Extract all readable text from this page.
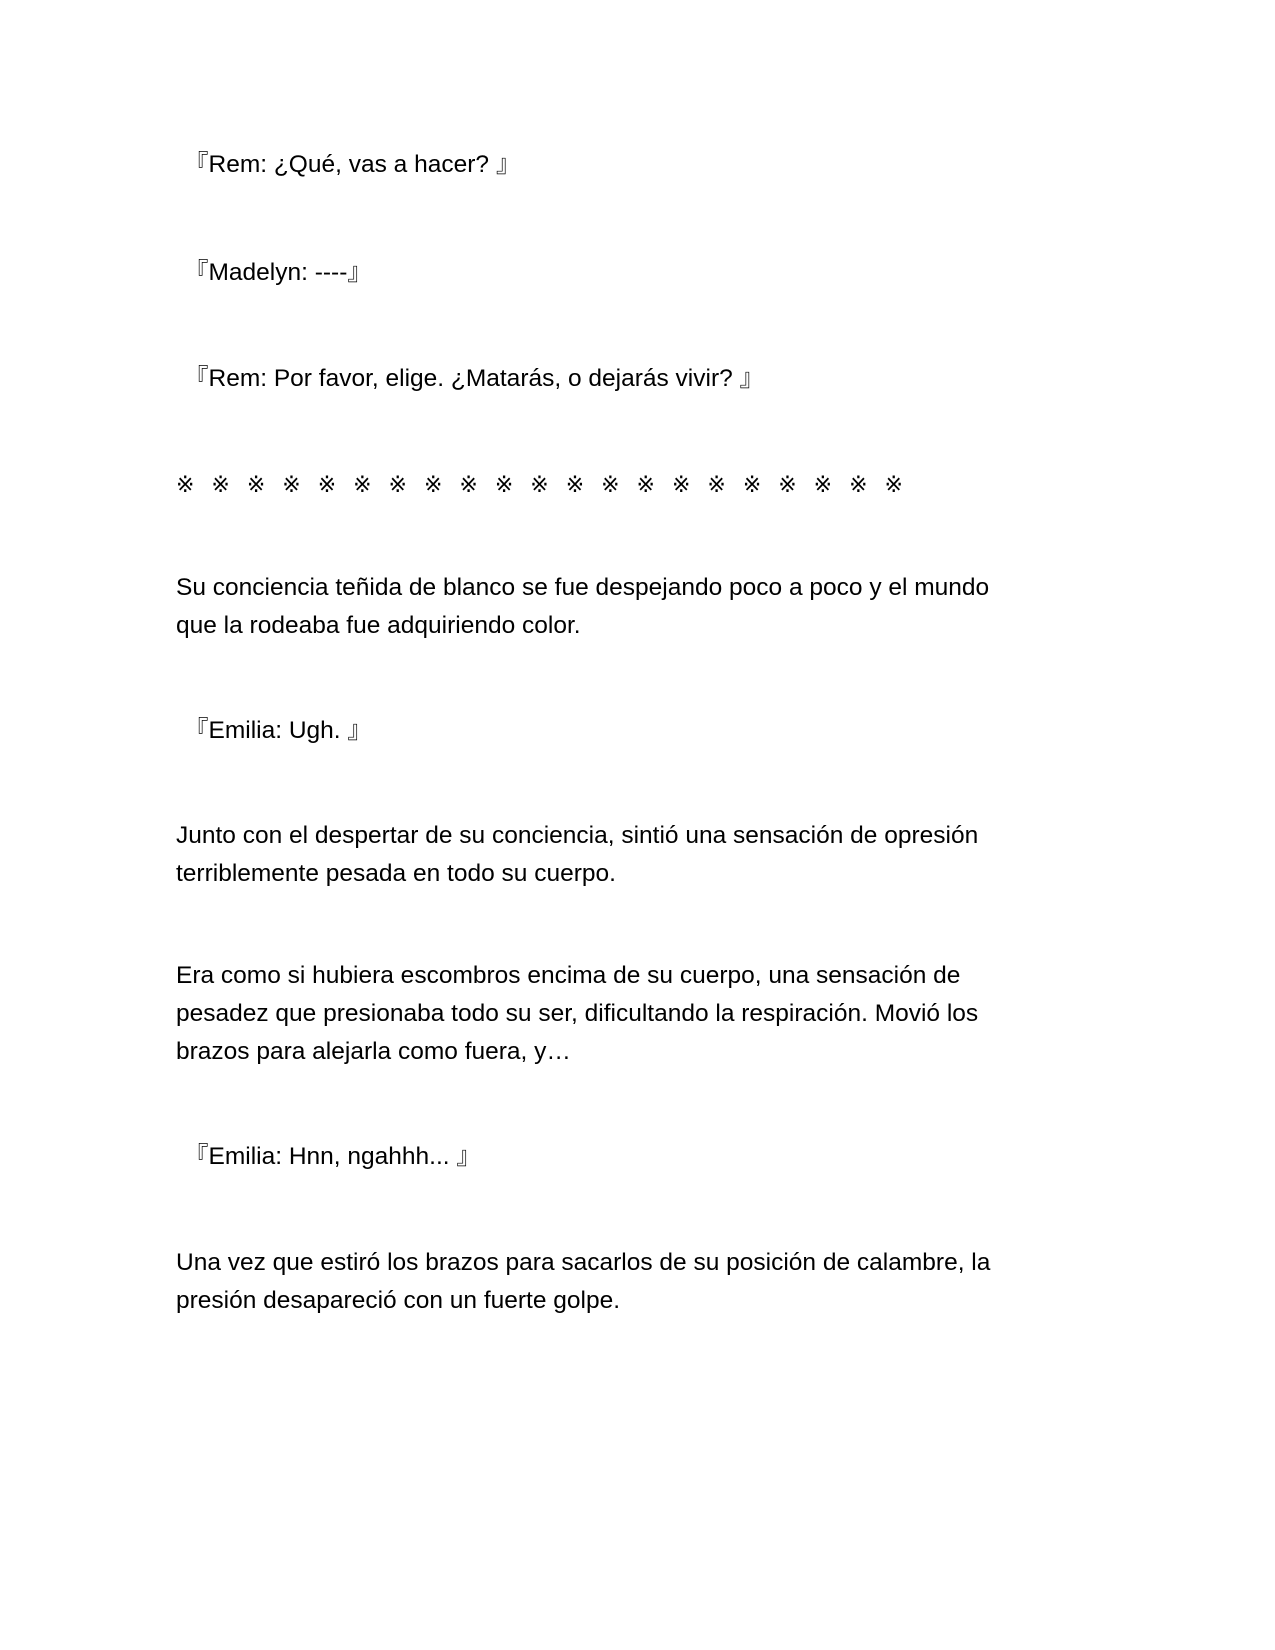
『Rem: ¿Qué, vas a hacer? 』

『Madelyn: ----』

『Rem: Por favor, elige. ¿Matarás, o dejarás vivir? 』

※ ※ ※ ※ ※ ※ ※ ※ ※ ※ ※ ※ ※ ※ ※ ※ ※ ※ ※ ※ ※

Su conciencia teñida de blanco se fue despejando poco a poco y el mundo
que la rodeaba fue adquiriendo color.

『Emilia: Ugh. 』

Junto con el despertar de su conciencia, sintió una sensación de opresión
terriblemente pesada en todo su cuerpo.
Era como si hubiera escombros encima de su cuerpo, una sensación de
pesadez que presionaba todo su ser, dificultando la respiración. Movió los
brazos para alejarla como fuera, y…

『Emilia: Hnn, ngahhh... 』

Una vez que estiró los brazos para sacarlos de su posición de calambre, la
presión desapareció con un fuerte golpe.
